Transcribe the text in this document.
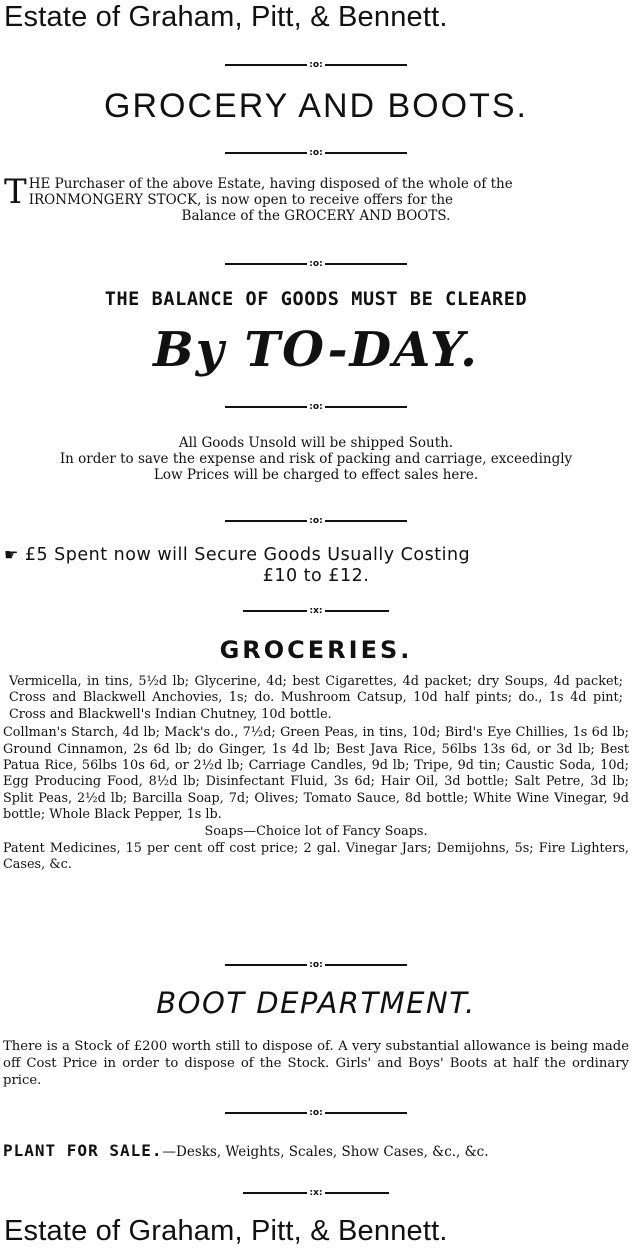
Estate of Graham, Pitt, & Bennett.
:o:
GROCERY AND BOOTS.
:o:
T HE Purchaser of the above Estate, having disposed of the whole of the
IRONMONGERY STOCK, is now open to receive offers for the
Balance of the GROCERY AND BOOTS.
:o:
THE BALANCE OF GOODS MUST BE CLEARED
By TO-DAY.
:o:
All Goods Unsold will be shipped South.
In order to save the expense and risk of packing and carriage, exceedingly
Low Prices will be charged to effect sales here.
:o:
☛ £5 Spent now will Secure Goods Usually Costing
£10 to £12.
:x:
GROCERIES.
Vermicella, in tins, 5½d lb; Glycerine, 4d; best Cigarettes, 4d packet; dry Soups, 4d packet; Cross and Blackwell Anchovies, 1s; do. Mushroom Catsup, 10d half pints; do., 1s 4d pint; Cross and Blackwell's Indian Chutney, 10d bottle.
Collman's Starch, 4d lb; Mack's do., 7½d; Green Peas, in tins, 10d; Bird's Eye Chillies, 1s 6d lb; Ground Cinnamon, 2s 6d lb; do Ginger, 1s 4d lb; Best Java Rice, 56lbs 13s 6d, or 3d lb; Best Patua Rice, 56lbs 10s 6d, or 2½d lb; Carriage Candles, 9d lb; Tripe, 9d tin; Caustic Soda, 10d; Egg Producing Food, 8½d lb; Disinfectant Fluid, 3s 6d; Hair Oil, 3d bottle; Salt Petre, 3d lb; Split Peas, 2½d lb; Barcilla Soap, 7d; Olives; Tomato Sauce, 8d bottle; White Wine Vinegar, 9d bottle; Whole Black Pepper, 1s lb.
Soaps—Choice lot of Fancy Soaps.
Patent Medicines, 15 per cent off cost price; 2 gal. Vinegar Jars; Demijohns, 5s; Fire Lighters, Cases, &c.
:o:
BOOT DEPARTMENT.
There is a Stock of £200 worth still to dispose of. A very substantial allowance is being made off Cost Price in order to dispose of the Stock. Girls' and Boys' Boots at half the ordinary price.
:o:
PLANT FOR SALE.—Desks, Weights, Scales, Show Cases, &c., &c.
:x:
Estate of Graham, Pitt, & Bennett.
